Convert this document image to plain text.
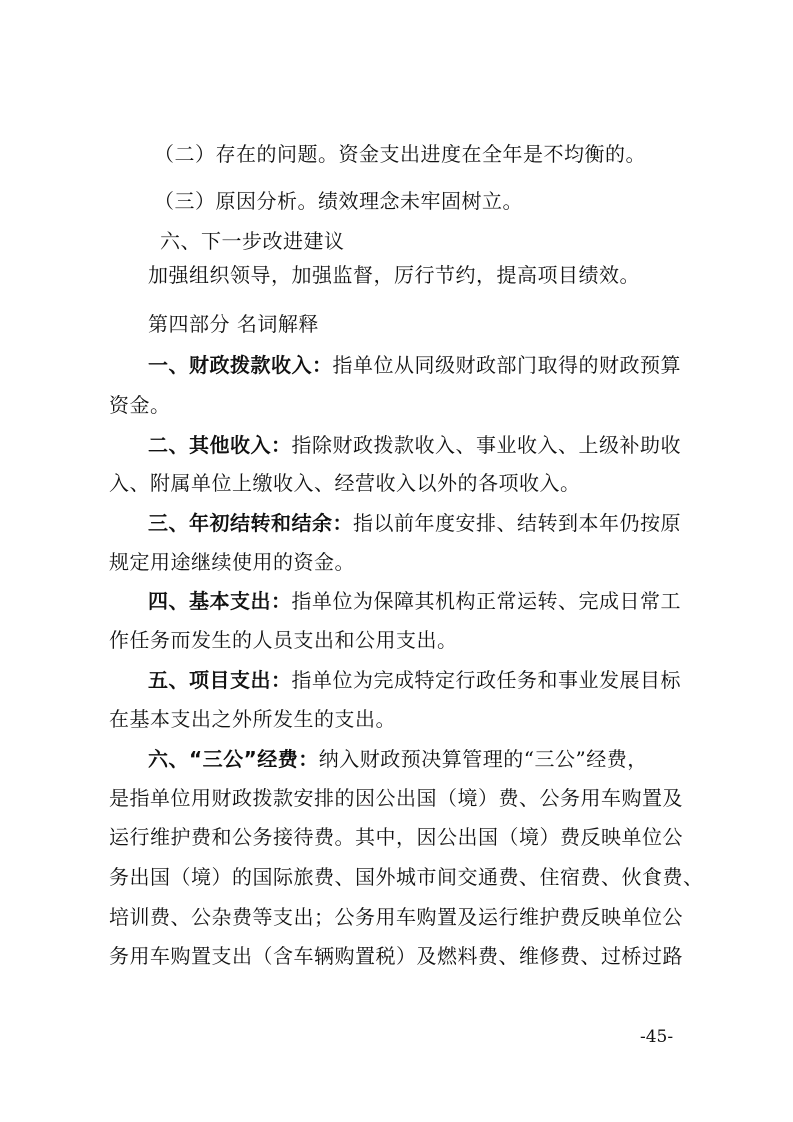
（二）存在的问题。资金支出进度在全年是不均衡的。
（三）原因分析。绩效理念未牢固树立。
六、下一步改进建议
加强组织领导，加强监督，厉行节约，提高项目绩效。
第四部分 名词解释
一、财政拨款收入：指单位从同级财政部门取得的财政预算
资金。
二、其他收入：指除财政拨款收入、事业收入、上级补助收
入、附属单位上缴收入、经营收入以外的各项收入。
三、年初结转和结余：指以前年度安排、结转到本年仍按原
规定用途继续使用的资金。
四、基本支出：指单位为保障其机构正常运转、完成日常工
作任务而发生的人员支出和公用支出。
五、项目支出：指单位为完成特定行政任务和事业发展目标
在基本支出之外所发生的支出。
六、“三公”经费：纳入财政预决算管理的“三公”经费，
是指单位用财政拨款安排的因公出国（境）费、公务用车购置及
运行维护费和公务接待费。其中，因公出国（境）费反映单位公
务出国（境）的国际旅费、国外城市间交通费、住宿费、伙食费、
培训费、公杂费等支出；公务用车购置及运行维护费反映单位公
务用车购置支出（含车辆购置税）及燃料费、维修费、过桥过路
-45-
